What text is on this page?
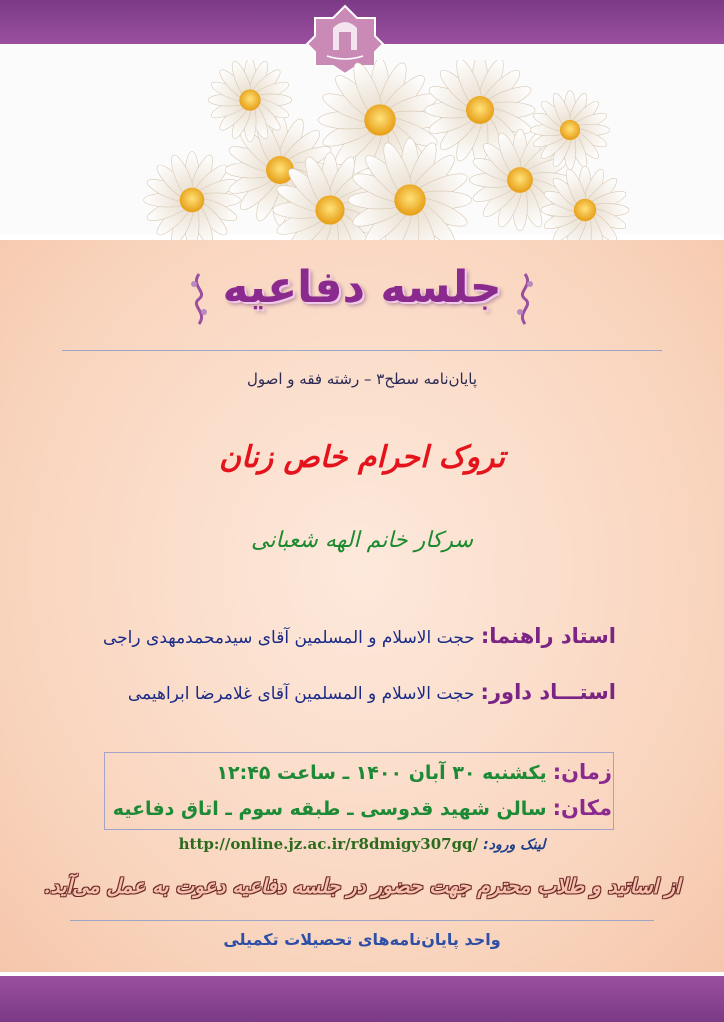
جلسه دفاعیه
پایان‌نامه سطح۳ – رشته فقه و اصول
تروک احرام خاص زنان
سرکار خانم الهه شعبانی
استاد راهنما:حجت الاسلام و المسلمین آقای سیدمحمدمهدی راجی
استـــاد داور:حجت الاسلام و المسلمین آقای غلامرضا ابراهیمی
زمان:یکشنبه ۳۰ آبان ۱۴۰۰ ـ ساعت ۱۲:۴۵
مکان:سالن شهید قدوسی ـ طبقه سوم ـ اتاق دفاعیه
http://online.jz.ac.ir/r8dmigy307gq/ :لینک ورود
از اساتید و طلاب محترم جهت حضور در جلسه دفاعیه دعوت به عمل می‌آید.
واحد پایان‌نامه‌های تحصیلات تکمیلی
